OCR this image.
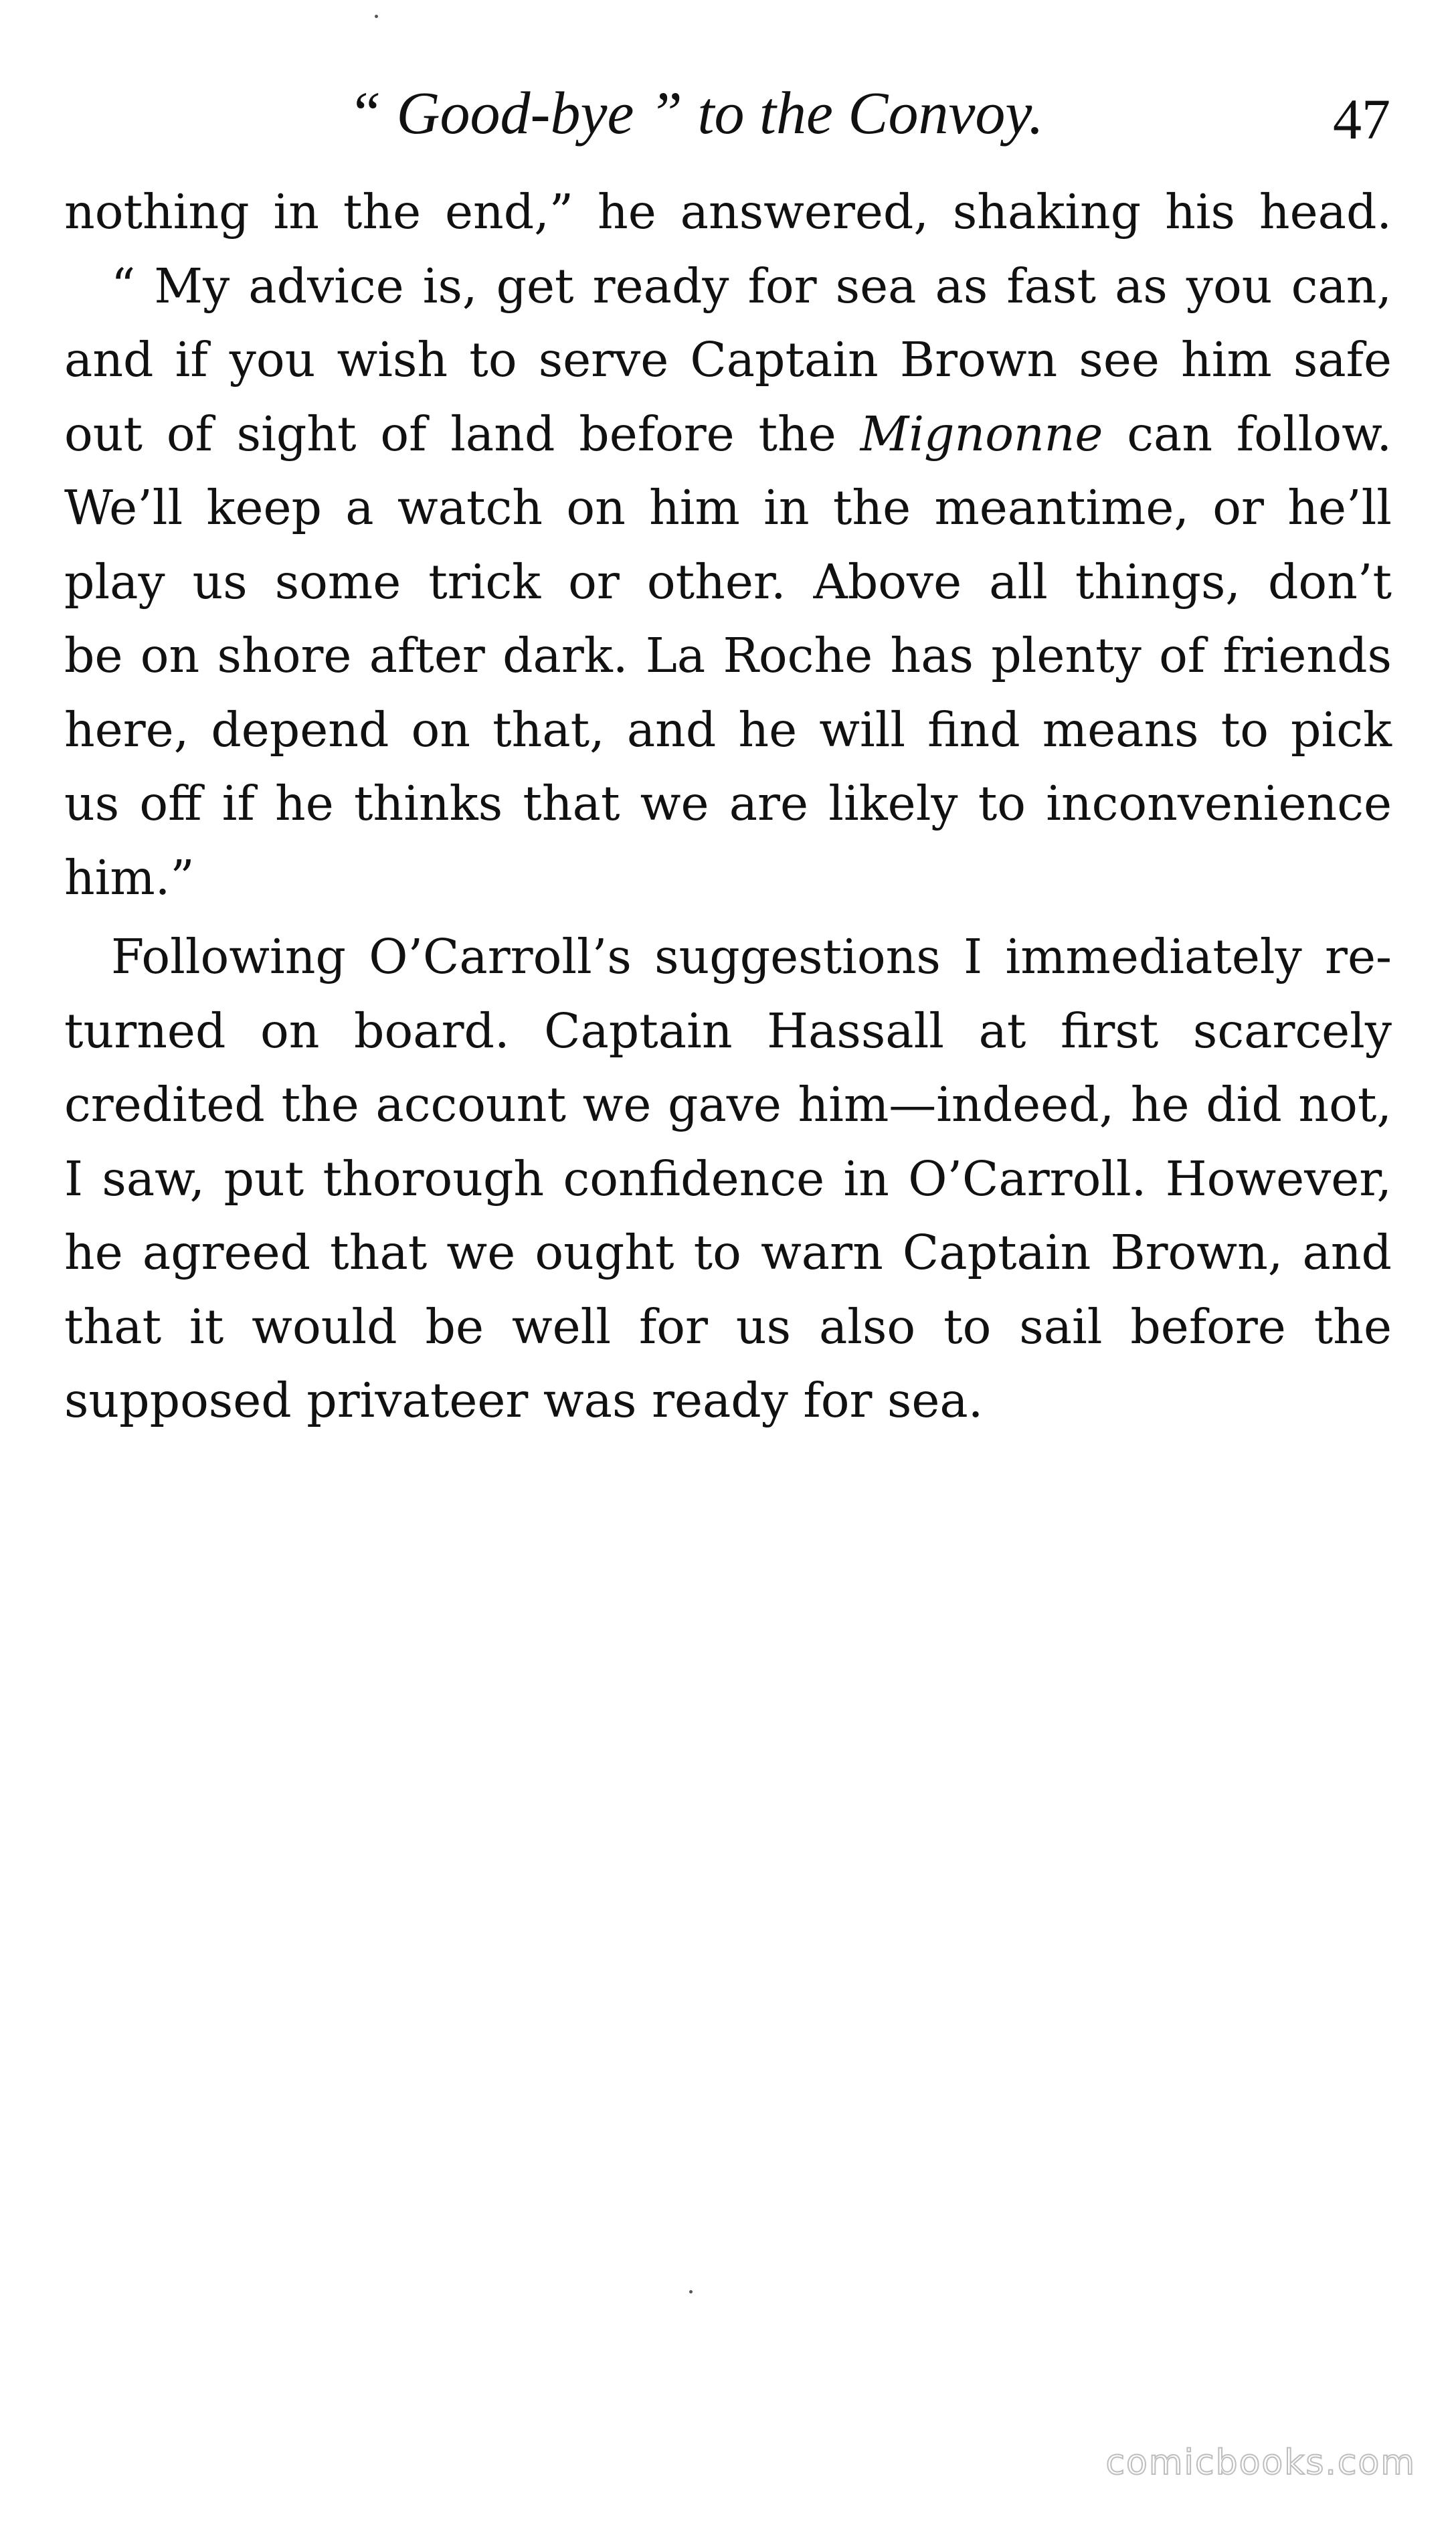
“ Good-bye ” to the Convoy.	47
nothing in the end,” he answered, shaking his head.
“ My advice is, get ready for sea as fast as you can,
and if you wish to serve Captain Brown see him safe
out of sight of land before the Mignonne can follow.
We’ll keep a watch on him in the meantime, or he’ll
play us some trick or other. Above all things, don’t
be on shore after dark. La Roche has plenty of friends
here, depend on that, and he will find means to pick
us off if he thinks that we are likely to inconvenience
him.”
Following O’Carroll’s suggestions I immediately re-
turned on board. Captain Hassall at first scarcely
credited the account we gave him—indeed, he did not,
I saw, put thorough confidence in O’Carroll. However,
he agreed that we ought to warn Captain Brown, and
that it would be well for us also to sail before the
supposed privateer was ready for sea.
comicbooks.com
